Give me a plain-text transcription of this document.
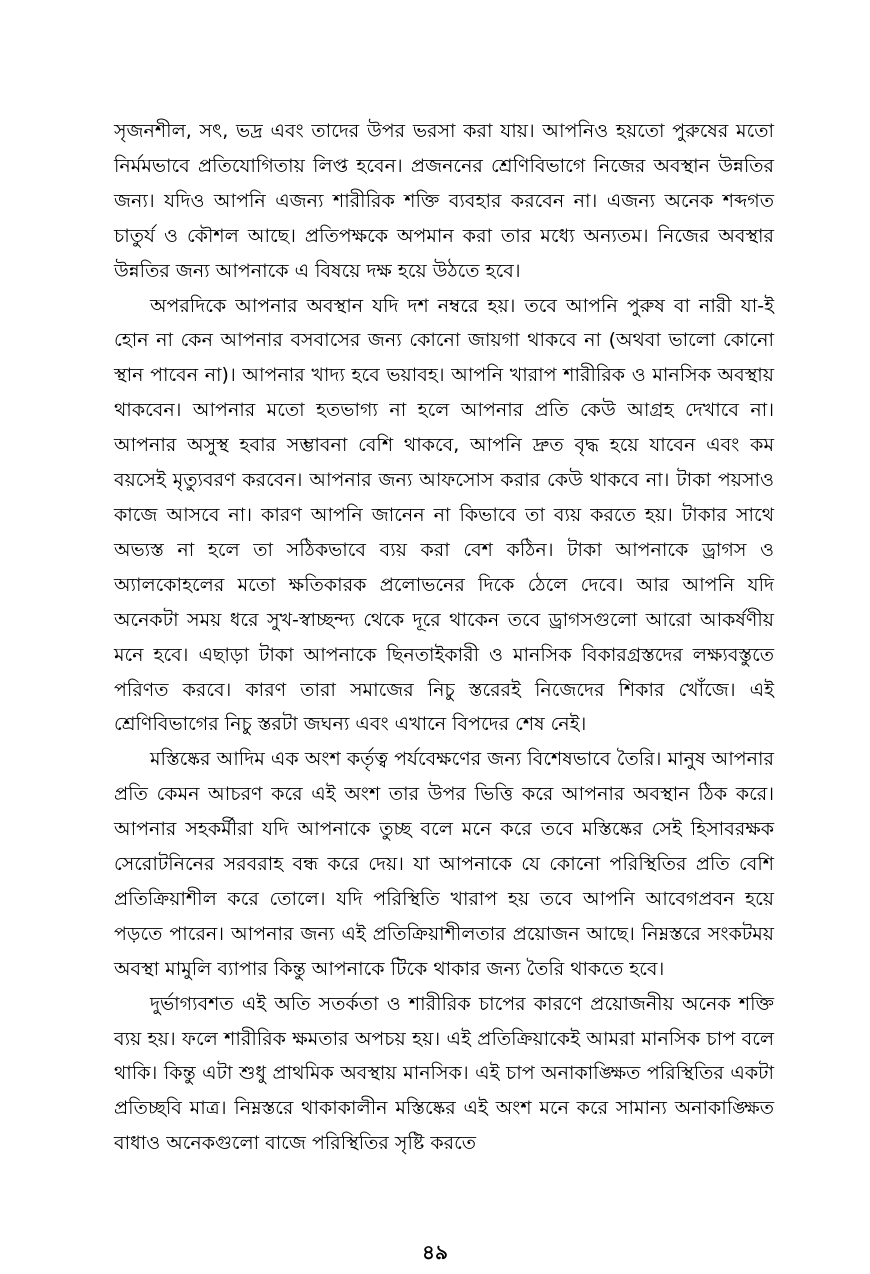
সৃজনশীল, সৎ, ভদ্র এবং তাদের উপর ভরসা করা যায়। আপনিও হয়তো পুরুষের মতো নির্মমভাবে প্রতিযোগিতায় লিপ্ত হবেন। প্রজননের শ্রেণিবিভাগে নিজের অবস্থান উন্নতির জন্য। যদিও আপনি এজন্য শারীরিক শক্তি ব্যবহার করবেন না। এজন্য অনেক শব্দগত চাতুর্য ও কৌশল আছে। প্রতিপক্ষকে অপমান করা তার মধ্যে অন্যতম। নিজের অবস্থার উন্নতির জন্য আপনাকে এ বিষয়ে দক্ষ হয়ে উঠতে হবে।

অপরদিকে আপনার অবস্থান যদি দশ নম্বরে হয়। তবে আপনি পুরুষ বা নারী যা-ই হোন না কেন আপনার বসবাসের জন্য কোনো জায়গা থাকবে না (অথবা ভালো কোনো স্থান পাবেন না)। আপনার খাদ্য হবে ভয়াবহ। আপনি খারাপ শারীরিক ও মানসিক অবস্থায় থাকবেন। আপনার মতো হতভাগ্য না হলে আপনার প্রতি কেউ আগ্রহ দেখাবে না। আপনার অসুস্থ হবার সম্ভাবনা বেশি থাকবে, আপনি দ্রুত বৃদ্ধ হয়ে যাবেন এবং কম বয়সেই মৃত্যুবরণ করবেন। আপনার জন্য আফসোস করার কেউ থাকবে না। টাকা পয়সাও কাজে আসবে না। কারণ আপনি জানেন না কিভাবে তা ব্যয় করতে হয়। টাকার সাথে অভ্যস্ত না হলে তা সঠিকভাবে ব্যয় করা বেশ কঠিন। টাকা আপনাকে ড্রাগস ও অ্যালকোহলের মতো ক্ষতিকারক প্রলোভনের দিকে ঠেলে দেবে। আর আপনি যদি অনেকটা সময় ধরে সুখ-স্বাচ্ছন্দ্য থেকে দূরে থাকেন তবে ড্রাগসগুলো আরো আকর্ষণীয় মনে হবে। এছাড়া টাকা আপনাকে ছিনতাইকারী ও মানসিক বিকারগ্রস্তদের লক্ষ্যবস্তুতে পরিণত করবে। কারণ তারা সমাজের নিচু স্তরেরই নিজেদের শিকার খোঁজে। এই শ্রেণিবিভাগের নিচু স্তরটা জঘন্য এবং এখানে বিপদের শেষ নেই।

মস্তিষ্কের আদিম এক অংশ কর্তৃত্ব পর্যবেক্ষণের জন্য বিশেষভাবে তৈরি। মানুষ আপনার প্রতি কেমন আচরণ করে এই অংশ তার উপর ভিত্তি করে আপনার অবস্থান ঠিক করে। আপনার সহকর্মীরা যদি আপনাকে তুচ্ছ বলে মনে করে তবে মস্তিষ্কের সেই হিসাবরক্ষক সেরোটনিনের সরবরাহ বন্ধ করে দেয়। যা আপনাকে যে কোনো পরিস্থিতির প্রতি বেশি প্রতিক্রিয়াশীল করে তোলে। যদি পরিস্থিতি খারাপ হয় তবে আপনি আবেগপ্রবন হয়ে পড়তে পারেন। আপনার জন্য এই প্রতিক্রিয়াশীলতার প্রয়োজন আছে। নিম্নস্তরে সংকটময় অবস্থা মামুলি ব্যাপার কিন্তু আপনাকে টিকে থাকার জন্য তৈরি থাকতে হবে।

দুর্ভাগ্যবশত এই অতি সতর্কতা ও শারীরিক চাপের কারণে প্রয়োজনীয় অনেক শক্তি ব্যয় হয়। ফলে শারীরিক ক্ষমতার অপচয় হয়। এই প্রতিক্রিয়াকেই আমরা মানসিক চাপ বলে থাকি। কিন্তু এটা শুধু প্রাথমিক অবস্থায় মানসিক। এই চাপ অনাকাঙ্ক্ষিত পরিস্থিতির একটা প্রতিচ্ছবি মাত্র। নিম্নস্তরে থাকাকালীন মস্তিষ্কের এই অংশ মনে করে সামান্য অনাকাঙ্ক্ষিত বাধাও অনেকগুলো বাজে পরিস্থিতির সৃষ্টি করতে

৪৯
